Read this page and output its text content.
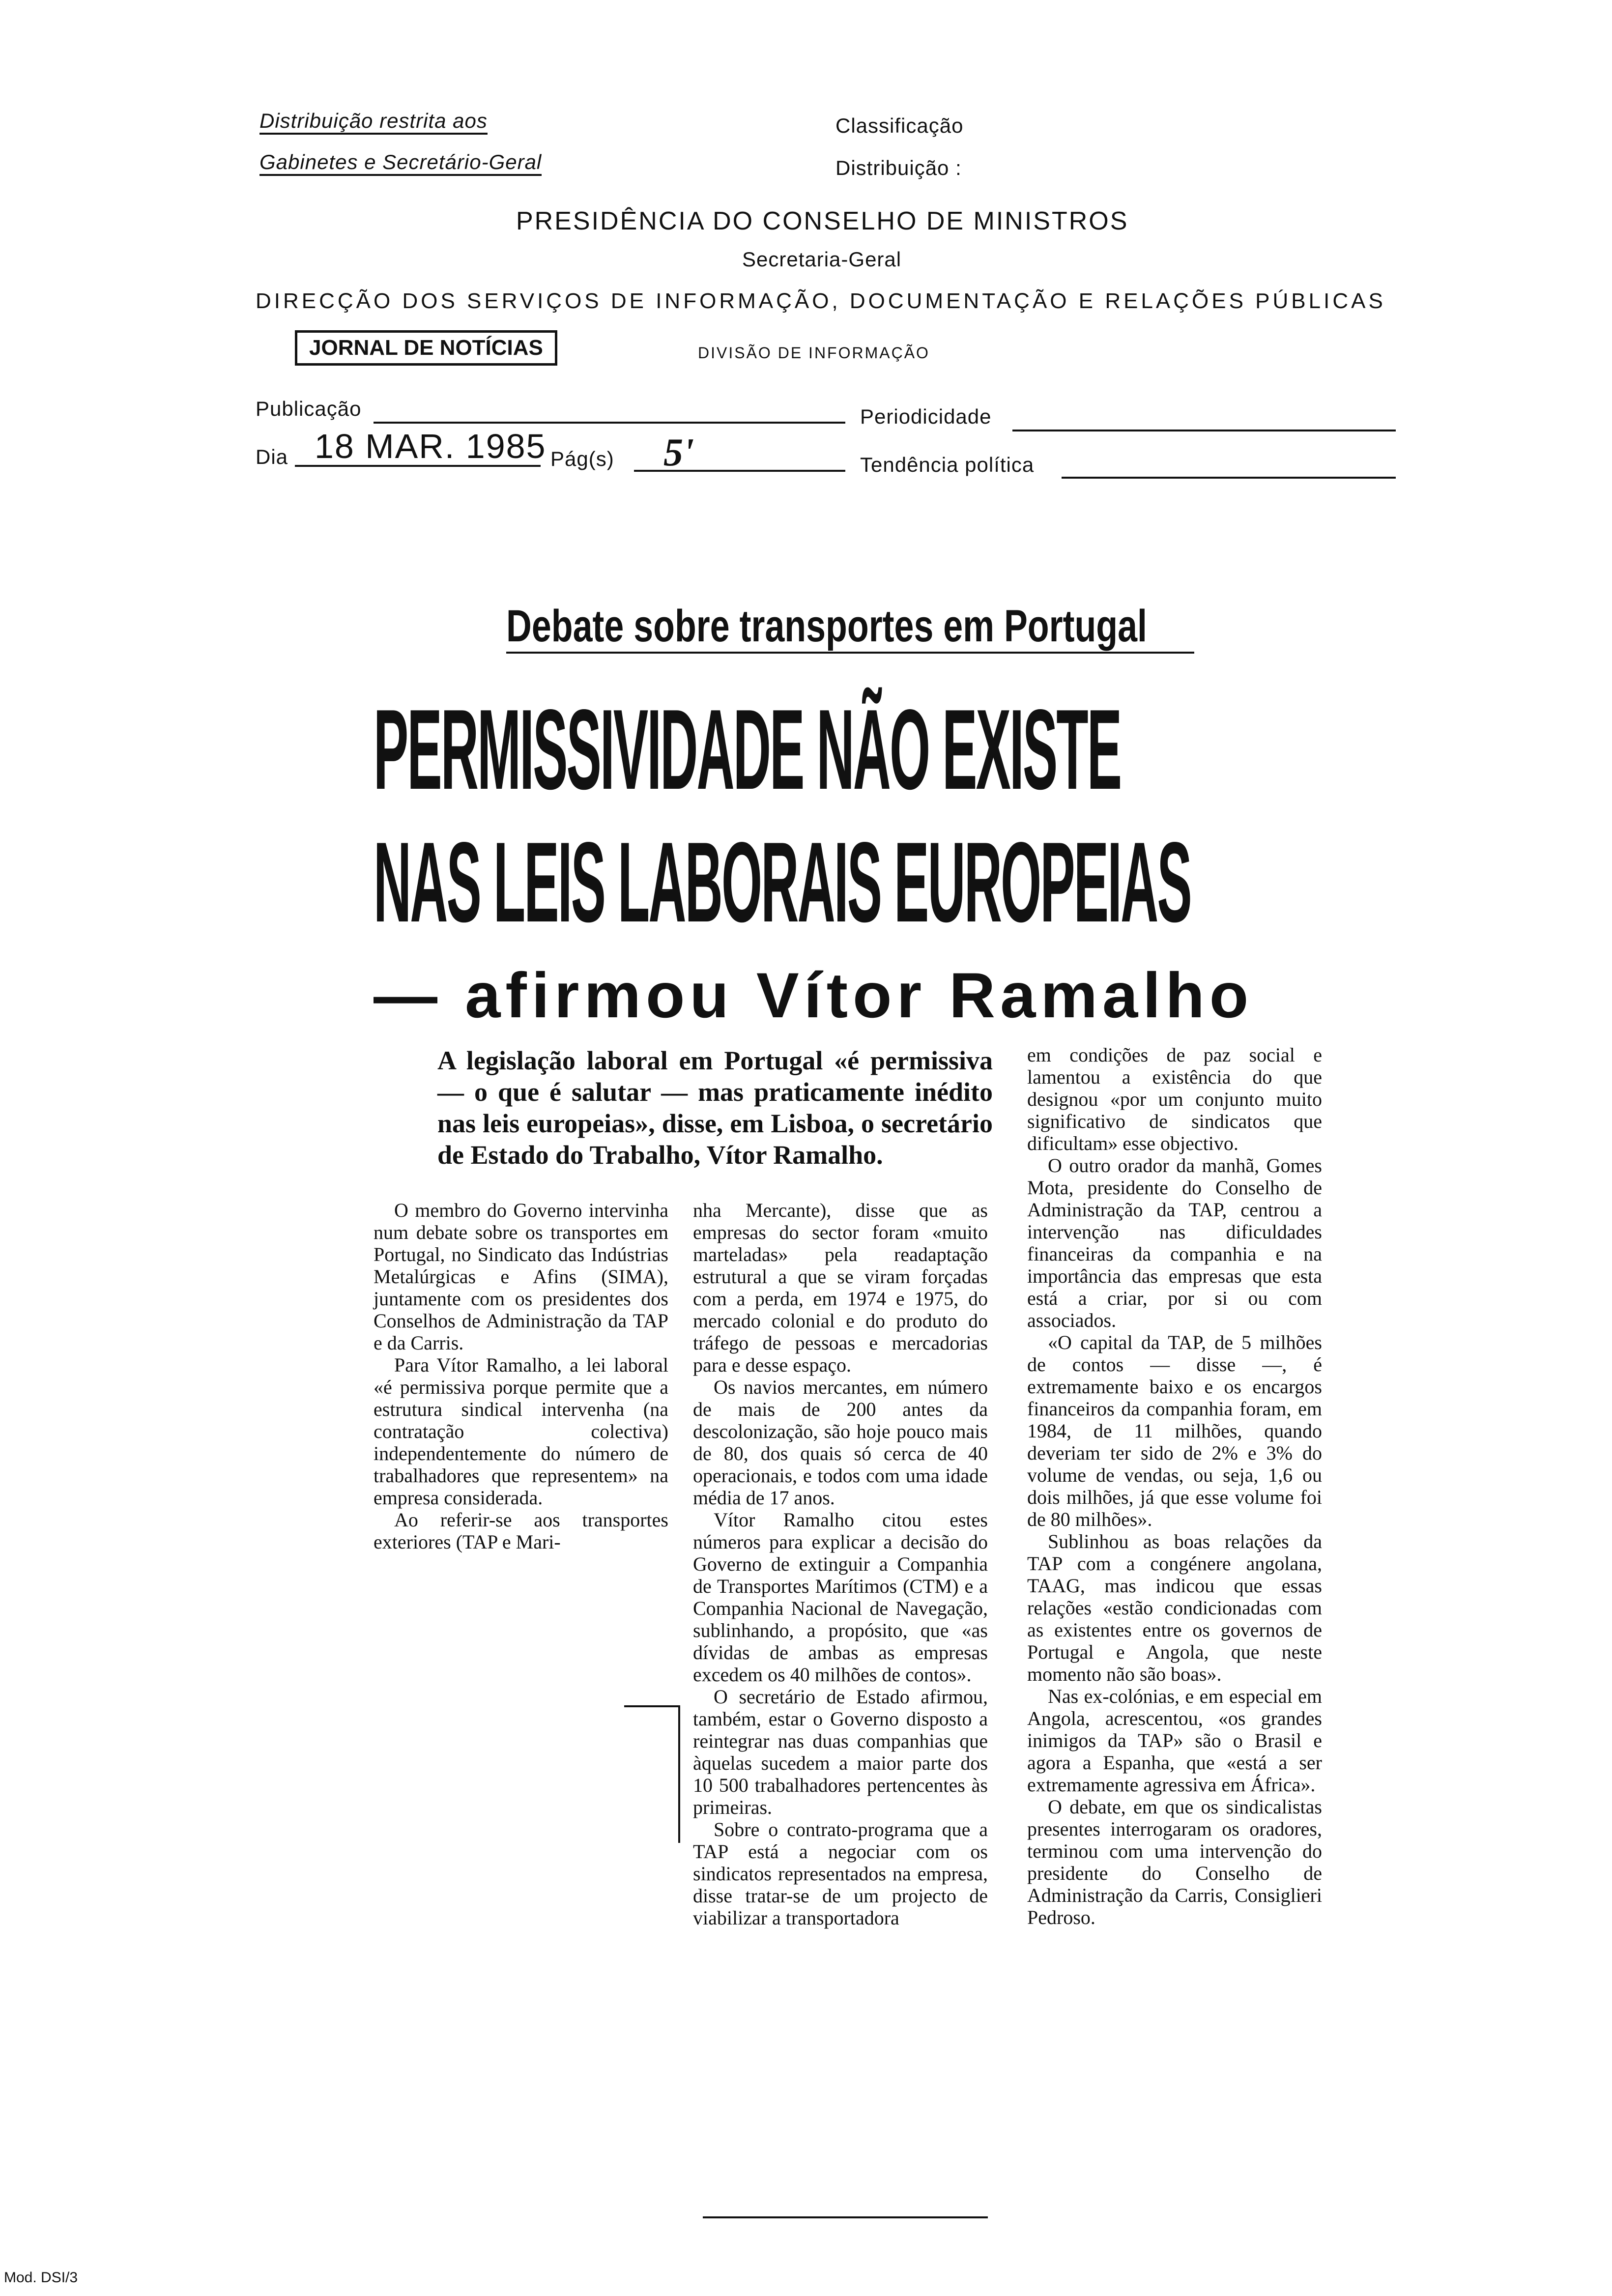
Distribuição restrita aos
Gabinetes e Secretário-Geral
Classificação
Distribuição :
PRESIDÊNCIA DO CONSELHO DE MINISTROS
Secretaria-Geral
DIRECÇÃO DOS SERVIÇOS DE INFORMAÇÃO, DOCUMENTAÇÃO E RELAÇÕES PÚBLICAS
JORNAL DE NOTÍCIAS	DIVISÃO DE INFORMAÇÃO
Publicação	Periodicidade
Dia 18 MAR. 1985 Pág(s) 5'	Tendência política
Debate sobre transportes em Portugal
PERMISSIVIDADE NÃO EXISTE
NAS LEIS LABORAIS EUROPEIAS
— afirmou Vítor Ramalho
A legislação laboral em Portugal «é permissiva — o que é salutar — mas praticamente inédito nas leis europeias», disse, em Lisboa, o secretário de Estado do Trabalho, Vítor Ramalho.

O membro do Governo intervinha num debate sobre os transportes em Portugal, no Sindicato das Indústrias Metalúrgicas e Afins (SIMA), juntamente com os presidentes dos Conselhos de Administração da TAP e da Carris.

Para Vítor Ramalho, a lei laboral «é permissiva porque permite que a estrutura sindical intervenha (na contratação colectiva) independentemente do número de trabalhadores que representem» na empresa considerada.

Ao referir-se aos transportes exteriores (TAP e Mari-

nha Mercante), disse que as empresas do sector foram «muito marteladas» pela readaptação estrutural a que se viram forçadas com a perda, em 1974 e 1975, do mercado colonial e do produto do tráfego de pessoas e mercadorias para e desse espaço.

Os navios mercantes, em número de mais de 200 antes da descolonização, são hoje pouco mais de 80, dos quais só cerca de 40 operacionais, e todos com uma idade média de 17 anos.

Vítor Ramalho citou estes números para explicar a decisão do Governo de extinguir a Companhia de Transportes Marítimos (CTM) e a Companhia Nacional de Navegação, sublinhando, a propósito, que «as dívidas de ambas as empresas excedem os 40 milhões de contos».

O secretário de Estado afirmou, também, estar o Governo disposto a reintegrar nas duas companhias que àquelas sucedem a maior parte dos 10 500 trabalhadores pertencentes às primeiras.

Sobre o contrato-programa que a TAP está a negociar com os sindicatos representados na empresa, disse tratar-se de um projecto de viabilizar a transportadora

em condições de paz social e lamentou a existência do que designou «por um conjunto muito significativo de sindicatos que dificultam» esse objectivo.

O outro orador da manhã, Gomes Mota, presidente do Conselho de Administração da TAP, centrou a intervenção nas dificuldades financeiras da companhia e na importância das empresas que esta está a criar, por si ou com associados.

«O capital da TAP, de 5 milhões de contos — disse —, é extremamente baixo e os encargos financeiros da companhia foram, em 1984, de 11 milhões, quando deveriam ter sido de 2% e 3% do volume de vendas, ou seja, 1,6 ou dois milhões, já que esse volume foi de 80 milhões».

Sublinhou as boas relações da TAP com a congénere angolana, TAAG, mas indicou que essas relações «estão condicionadas com as existentes entre os governos de Portugal e Angola, que neste momento não são boas».

Nas ex-colónias, e em especial em Angola, acrescentou, «os grandes inimigos da TAP» são o Brasil e agora a Espanha, que «está a ser extremamente agressiva em África».

O debate, em que os sindicalistas presentes interrogaram os oradores, terminou com uma intervenção do presidente do Conselho de Administração da Carris, Consiglieri Pedroso.

Mod. DSI/3
